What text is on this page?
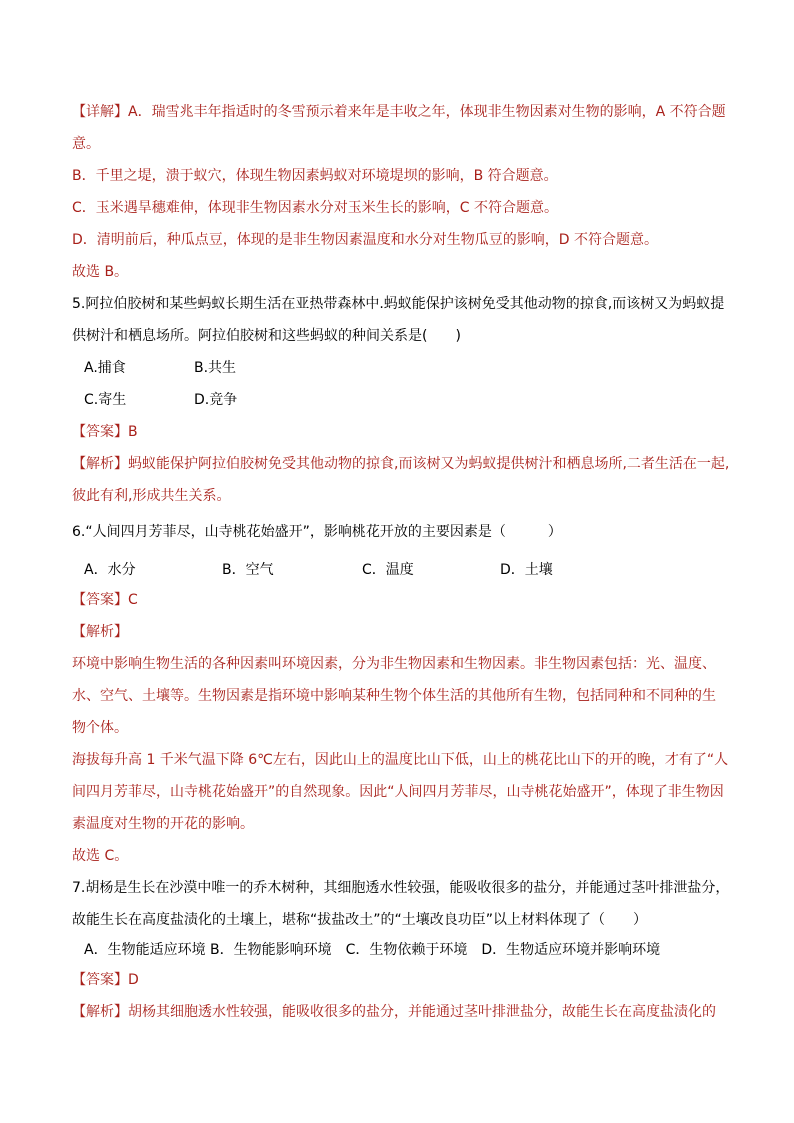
【详解】A．瑞雪兆丰年指适时的冬雪预示着来年是丰收之年，体现非生物因素对生物的影响，A 不符合题
意。
B．千里之堤，溃于蚁穴，体现生物因素蚂蚁对环境堤坝的影响，B 符合题意。
C．玉米遇旱穗难伸，体现非生物因素水分对玉米生长的影响，C 不符合题意。
D．清明前后，种瓜点豆，体现的是非生物因素温度和水分对生物瓜豆的影响，D 不符合题意。
故选 B。
5.阿拉伯胶树和某些蚂蚁长期生活在亚热带森林中.蚂蚁能保护该树免受其他动物的掠食,而该树又为蚂蚁提
供树汁和栖息场所。阿拉伯胶树和这些蚂蚁的种间关系是(　　)
A.捕食	B.共生
C.寄生	D.竞争
【答案】B
【解析】蚂蚁能保护阿拉伯胶树免受其他动物的掠食,而该树又为蚂蚁提供树汁和栖息场所,二者生活在一起,
彼此有利,形成共生关系。
6.“人间四月芳菲尽，山寺桃花始盛开”，影响桃花开放的主要因素是（　　　）
A．水分	B．空气	C．温度	D．土壤
【答案】C
【解析】
环境中影响生物生活的各种因素叫环境因素，分为非生物因素和生物因素。非生物因素包括：光、温度、
水、空气、土壤等。生物因素是指环境中影响某种生物个体生活的其他所有生物，包括同种和不同种的生
物个体。
海拔每升高 1 千米气温下降 6℃左右，因此山上的温度比山下低，山上的桃花比山下的开的晚，才有了“人
间四月芳菲尽，山寺桃花始盛开”的自然现象。因此“人间四月芳菲尽，山寺桃花始盛开”，体现了非生物因
素温度对生物的开花的影响。
故选 C。
7.胡杨是生长在沙漠中唯一的乔木树种，其细胞透水性较强，能吸收很多的盐分，并能通过茎叶排泄盐分，
故能生长在高度盐渍化的土壤上，堪称“拔盐改土”的“土壤改良功臣”以上材料体现了（　　）
A．生物能适应环境 B．生物能影响环境　C．生物依赖于环境　D．生物适应环境并影响环境
【答案】D
【解析】胡杨其细胞透水性较强，能吸收很多的盐分，并能通过茎叶排泄盐分，故能生长在高度盐渍化的
